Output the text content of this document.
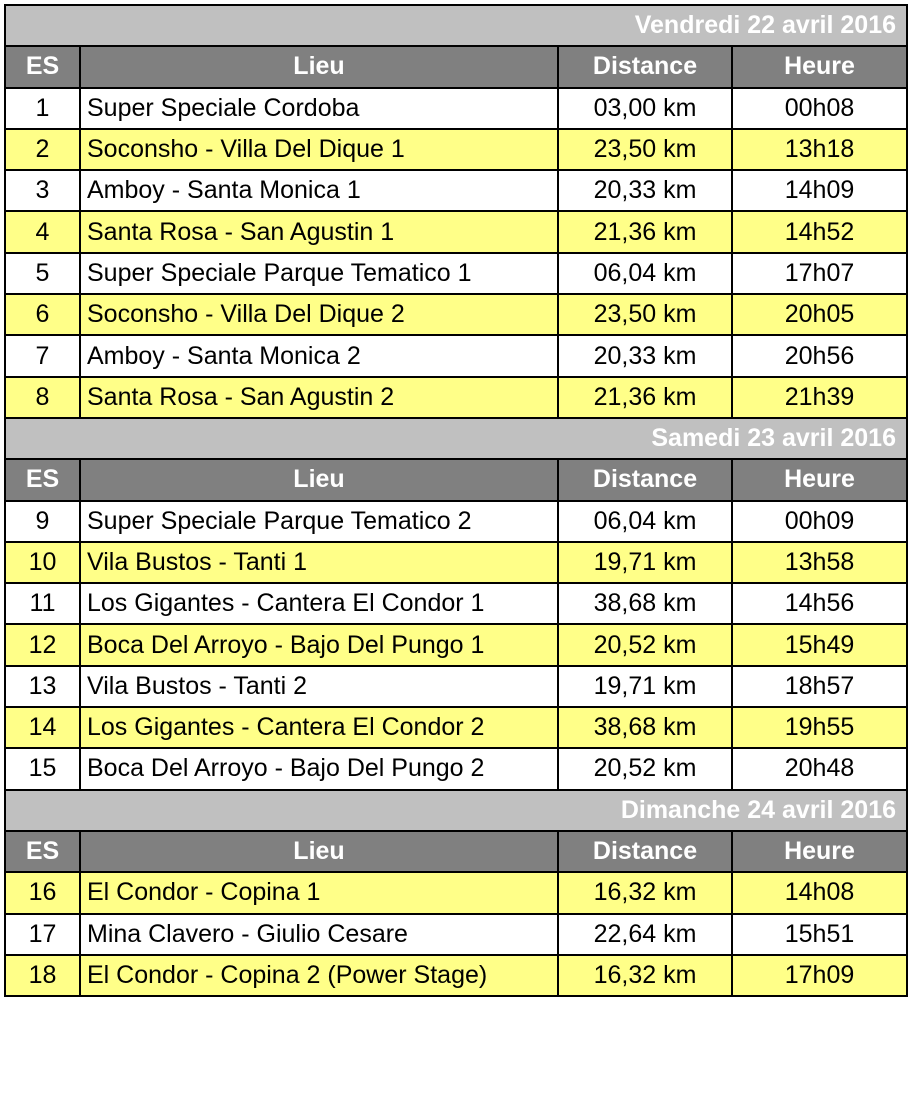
Vendredi 22 avril 2016			
ES	Lieu	Distance	Heure
1	Super Speciale Cordoba	03,00 km	00h08
2	Soconsho - Villa Del Dique 1	23,50 km	13h18
3	Amboy - Santa Monica 1	20,33 km	14h09
4	Santa Rosa - San Agustin 1	21,36 km	14h52
5	Super Speciale Parque Tematico 1	06,04 km	17h07
6	Soconsho - Villa Del Dique 2	23,50 km	20h05
7	Amboy - Santa Monica 2	20,33 km	20h56
8	Santa Rosa - San Agustin 2	21,36 km	21h39
Samedi 23 avril 2016			
ES	Lieu	Distance	Heure
9	Super Speciale Parque Tematico 2	06,04 km	00h09
10	Vila Bustos - Tanti 1	19,71 km	13h58
11	Los Gigantes - Cantera El Condor 1	38,68 km	14h56
12	Boca Del Arroyo - Bajo Del Pungo 1	20,52 km	15h49
13	Vila Bustos - Tanti 2	19,71 km	18h57
14	Los Gigantes - Cantera El Condor 2	38,68 km	19h55
15	Boca Del Arroyo - Bajo Del Pungo 2	20,52 km	20h48
Dimanche 24 avril 2016			
ES	Lieu	Distance	Heure
16	El Condor - Copina 1	16,32 km	14h08
17	Mina Clavero - Giulio Cesare	22,64 km	15h51
18	El Condor - Copina 2 (Power Stage)	16,32 km	17h09
